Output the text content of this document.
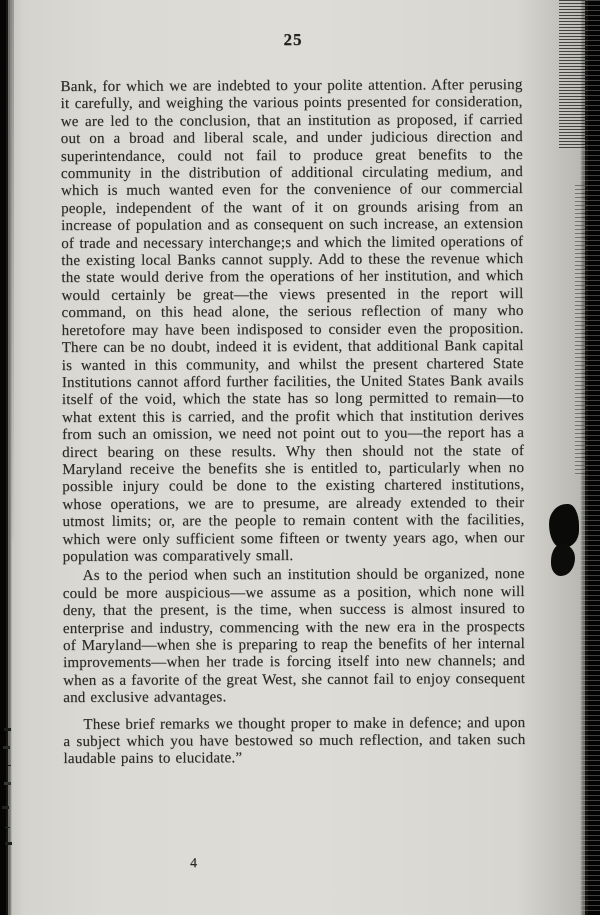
25

Bank, for which we are indebted to your polite attention. After perusing it carefully, and weighing the various points presented for consideration, we are led to the conclusion, that an institution as proposed, if carried out on a broad and liberal scale, and under judicious direction and superintendance, could not fail to produce great benefits to the community in the distribution of additional circulating medium, and which is much wanted even for the convenience of our commercial people, independent of the want of it on grounds arising from an increase of population and as consequent on such increase, an extension of trade and necessary interchange;s and which the limited operations of the existing local Banks cannot supply. Add to these the revenue which the state would derive from the operations of her institution, and which would certainly be great—the views presented in the report will command, on this head alone, the serious reflection of many who heretofore may have been indisposed to consider even the proposition. There can be no doubt, indeed it is evident, that additional Bank capital is wanted in this community, and whilst the present chartered State Institutions cannot afford further facilities, the United States Bank avails itself of the void, which the state has so long permitted to remain—to what extent this is carried, and the profit which that institution derives from such an omission, we need not point out to you—the report has a direct bearing on these results. Why then should not the state of Maryland receive the benefits she is entitled to, particularly when no possible injury could be done to the existing chartered institutions, whose operations, we are to presume, are already extended to their utmost limits; or, are the people to remain content with the facilities, which were only sufficient some fifteen or twenty years ago, when our population was comparatively small.

As to the period when such an institution should be organized, none could be more auspicious—we assume as a position, which none will deny, that the present, is the time, when success is almost insured to enterprise and industry, commencing with the new era in the prospects of Maryland—when she is preparing to reap the benefits of her internal improvements—when her trade is forcing itself into new channels; and when as a favorite of the great West, she cannot fail to enjoy consequent and exclusive advantages.

These brief remarks we thought proper to make in defence; and upon a subject which you have bestowed so much reflection, and taken such laudable pains to elucidate.”

4
